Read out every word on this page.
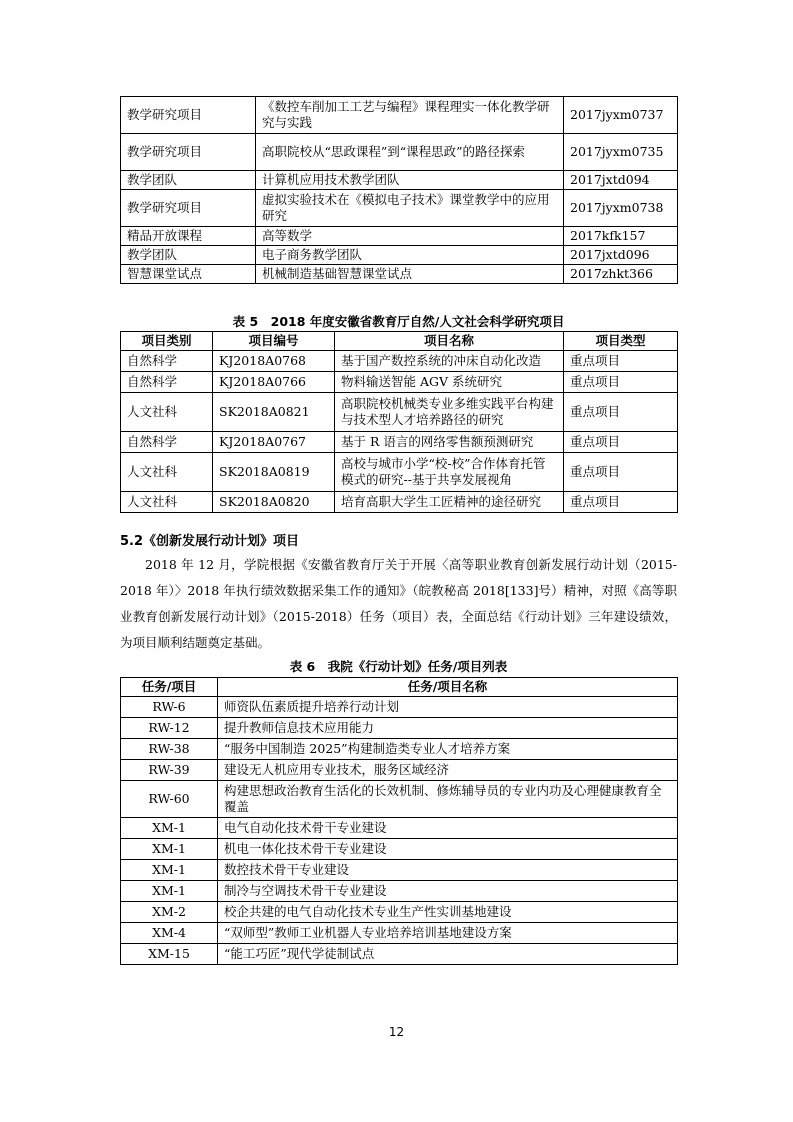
教学研究项目	《数控车削加工工艺与编程》课程理实一体化教学研究与实践	2017jyxm0737
教学研究项目	高职院校从“思政课程”到“课程思政”的路径探索	2017jyxm0735
教学团队	计算机应用技术教学团队	2017jxtd094
教学研究项目	虚拟实验技术在《模拟电子技术》课堂教学中的应用研究	2017jyxm0738
精品开放课程	高等数学	2017kfk157
教学团队	电子商务教学团队	2017jxtd096
智慧课堂试点	机械制造基础智慧课堂试点	2017zhkt366
表 5　2018 年度安徽省教育厅自然/人文社会科学研究项目
项目类别	项目编号	项目名称	项目类型
自然科学	KJ2018A0768	基于国产数控系统的冲床自动化改造	重点项目
自然科学	KJ2018A0766	物料输送智能 AGV 系统研究	重点项目
人文社科	SK2018A0821	高职院校机械类专业多维实践平台构建与技术型人才培养路径的研究	重点项目
自然科学	KJ2018A0767	基于 R 语言的网络零售额预测研究	重点项目
人文社科	SK2018A0819	高校与城市小学“校-校”合作体育托管模式的研究--基于共享发展视角	重点项目
人文社科	SK2018A0820	培育高职大学生工匠精神的途径研究	重点项目
5.2《创新发展行动计划》项目
2018 年 12 月，学院根据《安徽省教育厅关于开展〈高等职业教育创新发展行动计划（2015-2018 年）〉2018 年执行绩效数据采集工作的通知》（皖教秘高 2018[133]号）精神，对照《高等职业教育创新发展行动计划》（2015-2018）任务（项目）表，全面总结《行动计划》三年建设绩效，为项目顺利结题奠定基础。
表 6　我院《行动计划》任务/项目列表
任务/项目	任务/项目名称
RW-6	师资队伍素质提升培养行动计划
RW-12	提升教师信息技术应用能力
RW-38	“服务中国制造 2025”构建制造类专业人才培养方案
RW-39	建设无人机应用专业技术，服务区域经济
RW-60	构建思想政治教育生活化的长效机制、修炼辅导员的专业内功及心理健康教育全覆盖
XM-1	电气自动化技术骨干专业建设
XM-1	机电一体化技术骨干专业建设
XM-1	数控技术骨干专业建设
XM-1	制冷与空调技术骨干专业建设
XM-2	校企共建的电气自动化技术专业生产性实训基地建设
XM-4	“双师型”教师工业机器人专业培养培训基地建设方案
XM-15	“能工巧匠”现代学徒制试点
12
